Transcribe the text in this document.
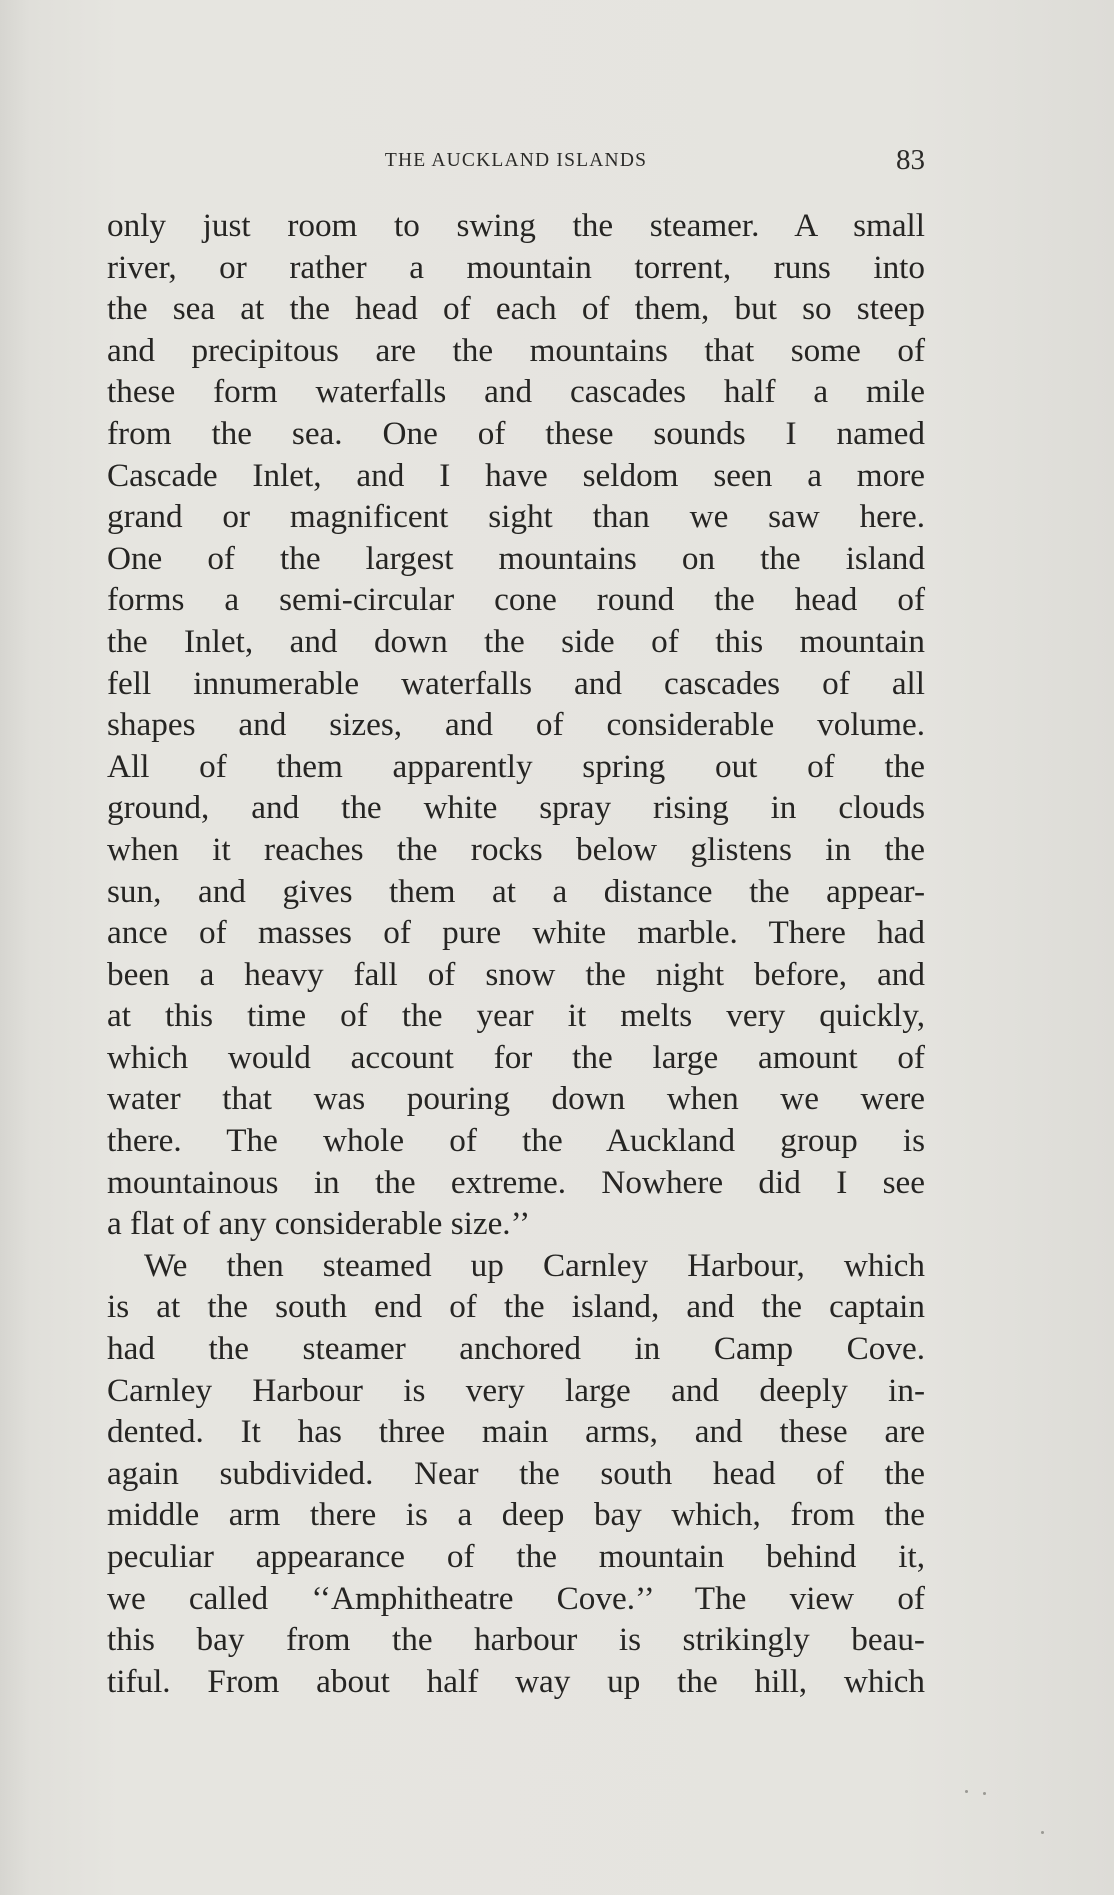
THE AUCKLAND ISLANDS	83
only just room to swing the steamer. A small
river, or rather a mountain torrent, runs into
the sea at the head of each of them, but so steep
and precipitous are the mountains that some of
these form waterfalls and cascades half a mile
from the sea. One of these sounds I named
Cascade Inlet, and I have seldom seen a more
grand or magnificent sight than we saw here.
One of the largest mountains on the island
forms a semi-circular cone round the head of
the Inlet, and down the side of this mountain
fell innumerable waterfalls and cascades of all
shapes and sizes, and of considerable volume.
All of them apparently spring out of the
ground, and the white spray rising in clouds
when it reaches the rocks below glistens in the
sun, and gives them at a distance the appear-
ance of masses of pure white marble. There had
been a heavy fall of snow the night before, and
at this time of the year it melts very quickly,
which would account for the large amount of
water that was pouring down when we were
there. The whole of the Auckland group is
mountainous in the extreme. Nowhere did I see
a flat of any considerable size.’’
We then steamed up Carnley Harbour, which
is at the south end of the island, and the captain
had the steamer anchored in Camp Cove.
Carnley Harbour is very large and deeply in-
dented. It has three main arms, and these are
again subdivided. Near the south head of the
middle arm there is a deep bay which, from the
peculiar appearance of the mountain behind it,
we called ‘‘Amphitheatre Cove.’’ The view of
this bay from the harbour is strikingly beau-
tiful. From about half way up the hill, which
